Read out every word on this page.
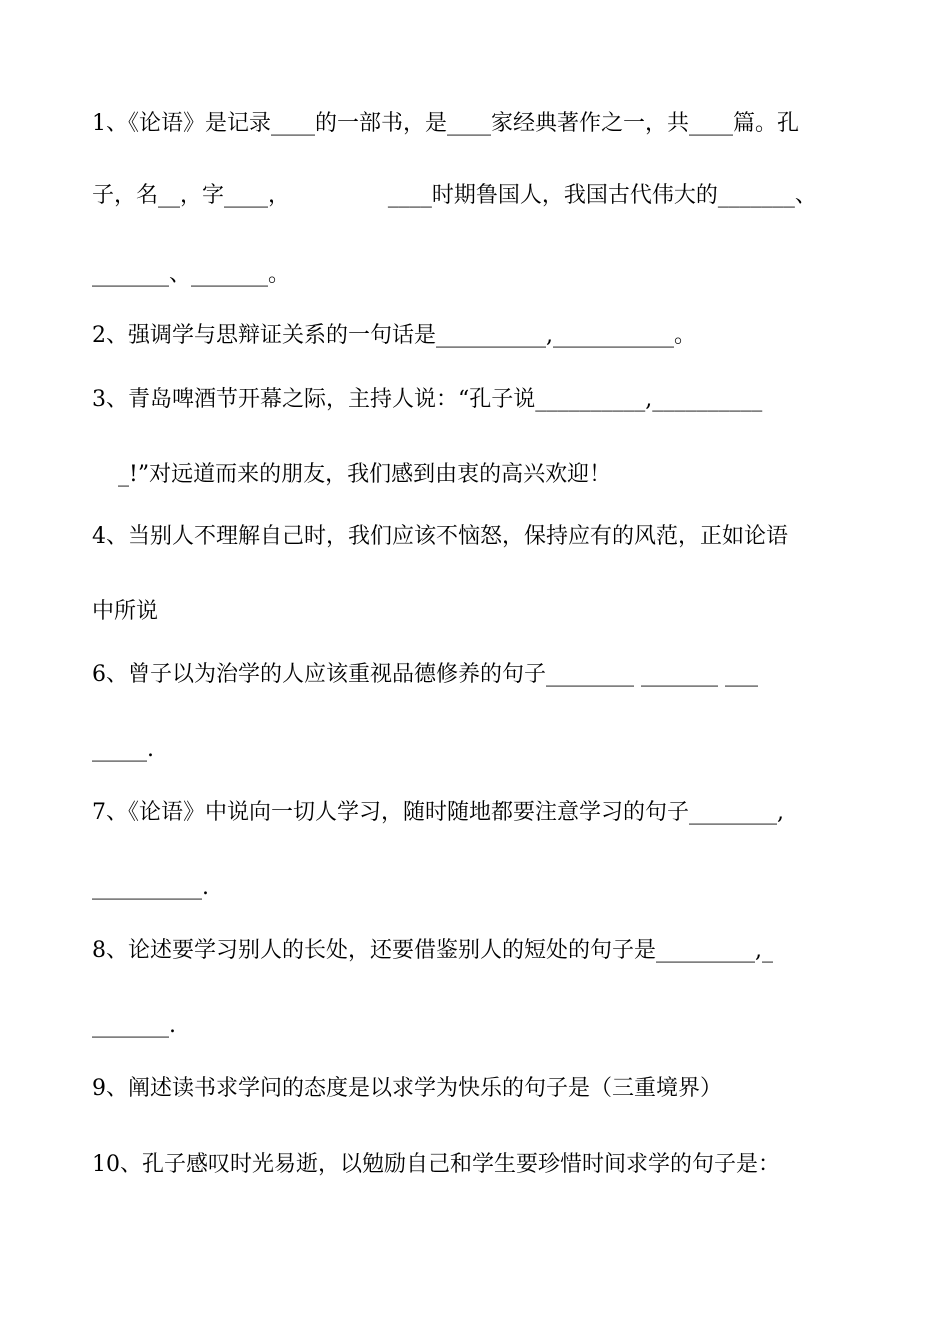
1、《论语》是记录____的一部书，是____家经典著作之一，共____篇。孔
子，名__，字____，              ____时期鲁国人，我国古代伟大的_______、
_______、_______。
2、强调学与思辩证关系的一句话是__________,___________。
3、青岛啤酒节开幕之际，主持人说：“孔子说__________,__________
_!”对远道而来的朋友，我们感到由衷的高兴欢迎！
4、当别人不理解自己时，我们应该不恼怒，保持应有的风范，正如论语
中所说
6、曾子以为治学的人应该重视品德修养的句子________ _______ ___
_____.
7、《论语》中说向一切人学习，随时随地都要注意学习的句子________,
__________.
8、论述要学习别人的长处，还要借鉴别人的短处的句子是_________,_
_______.
9、阐述读书求学问的态度是以求学为快乐的句子是（三重境界）
10、孔子感叹时光易逝，以勉励自己和学生要珍惜时间求学的句子是：
